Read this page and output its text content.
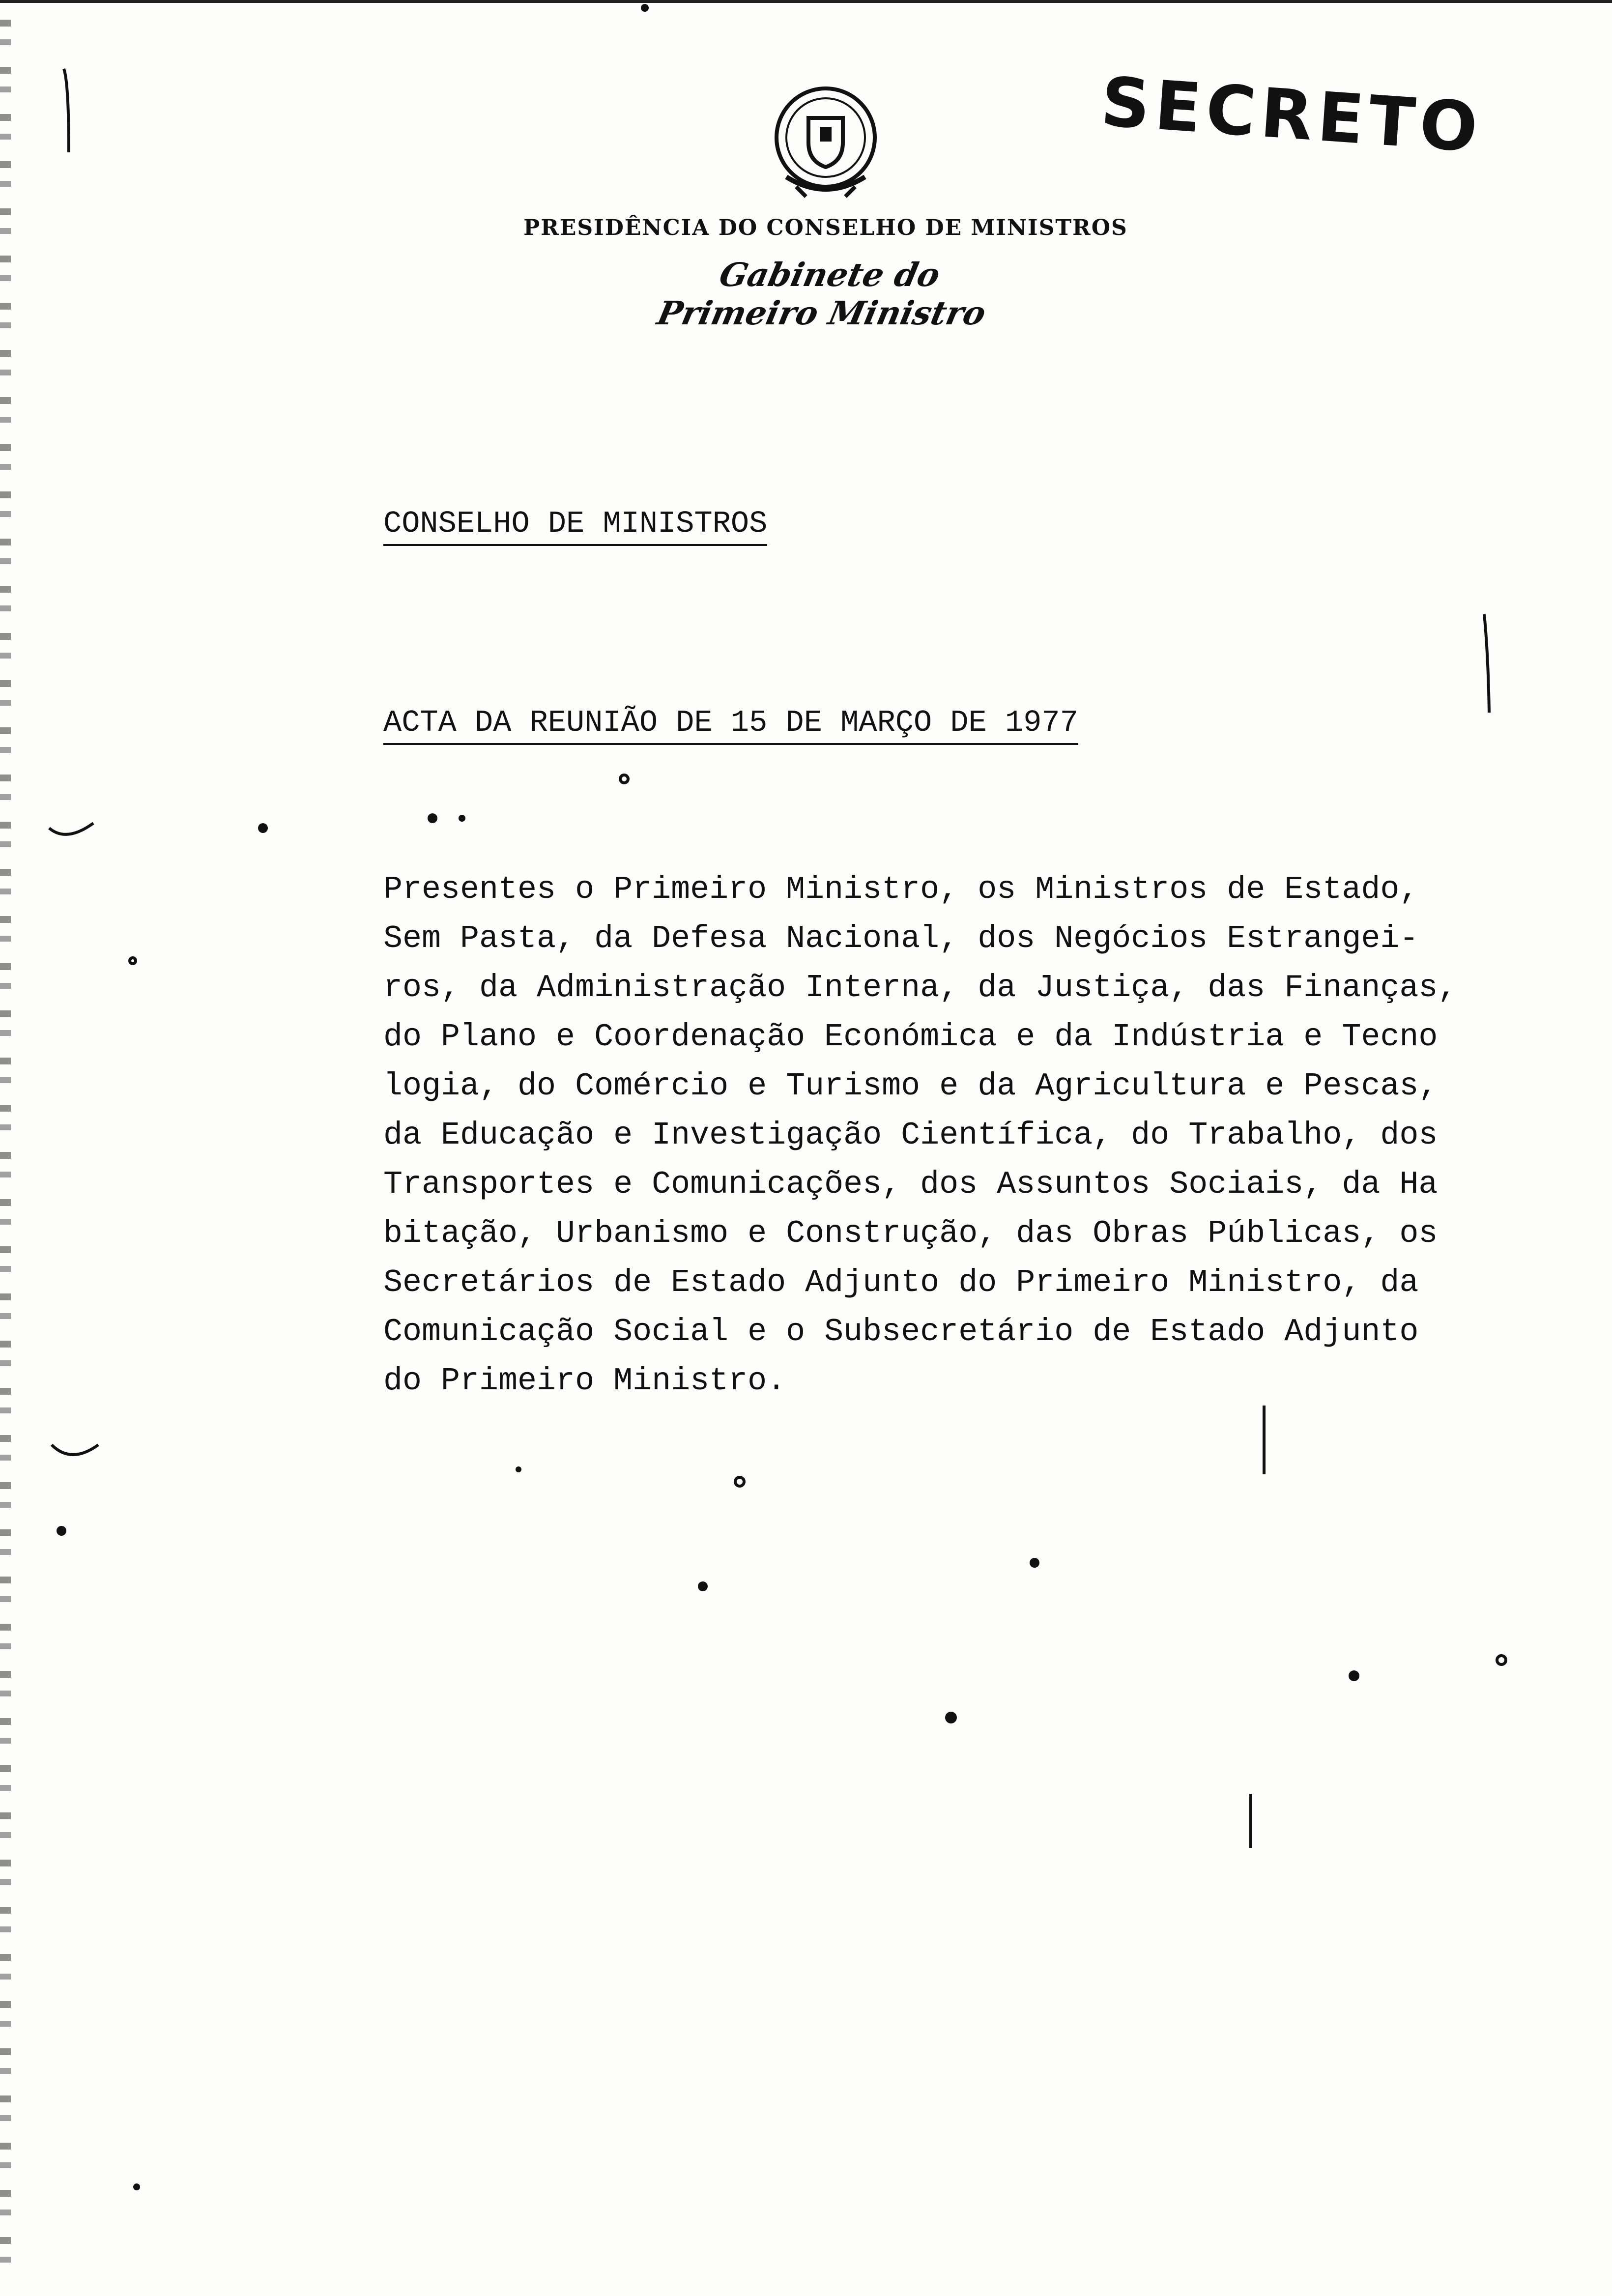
SECRETO
PRESIDÊNCIA DO CONSELHO DE MINISTROS
Gabinete do Primeiro Ministro
CONSELHO DE MINISTROS
ACTA DA REUNIÃO DE 15 DE MARÇO DE 1977
Presentes o Primeiro Ministro, os Ministros de Estado,
Sem Pasta, da Defesa Nacional, dos Negócios Estrangei-
ros, da Administração Interna, da Justiça, das Finanças,
do Plano e Coordenação Económica e da Indústria e Tecno
logia, do Comércio e Turismo e da Agricultura e Pescas,
da Educação e Investigação Científica, do Trabalho, dos
Transportes e Comunicações, dos Assuntos Sociais, da Ha
bitação, Urbanismo e Construção, das Obras Públicas, os
Secretários de Estado Adjunto do Primeiro Ministro, da
Comunicação Social e o Subsecretário de Estado Adjunto
do Primeiro Ministro.
